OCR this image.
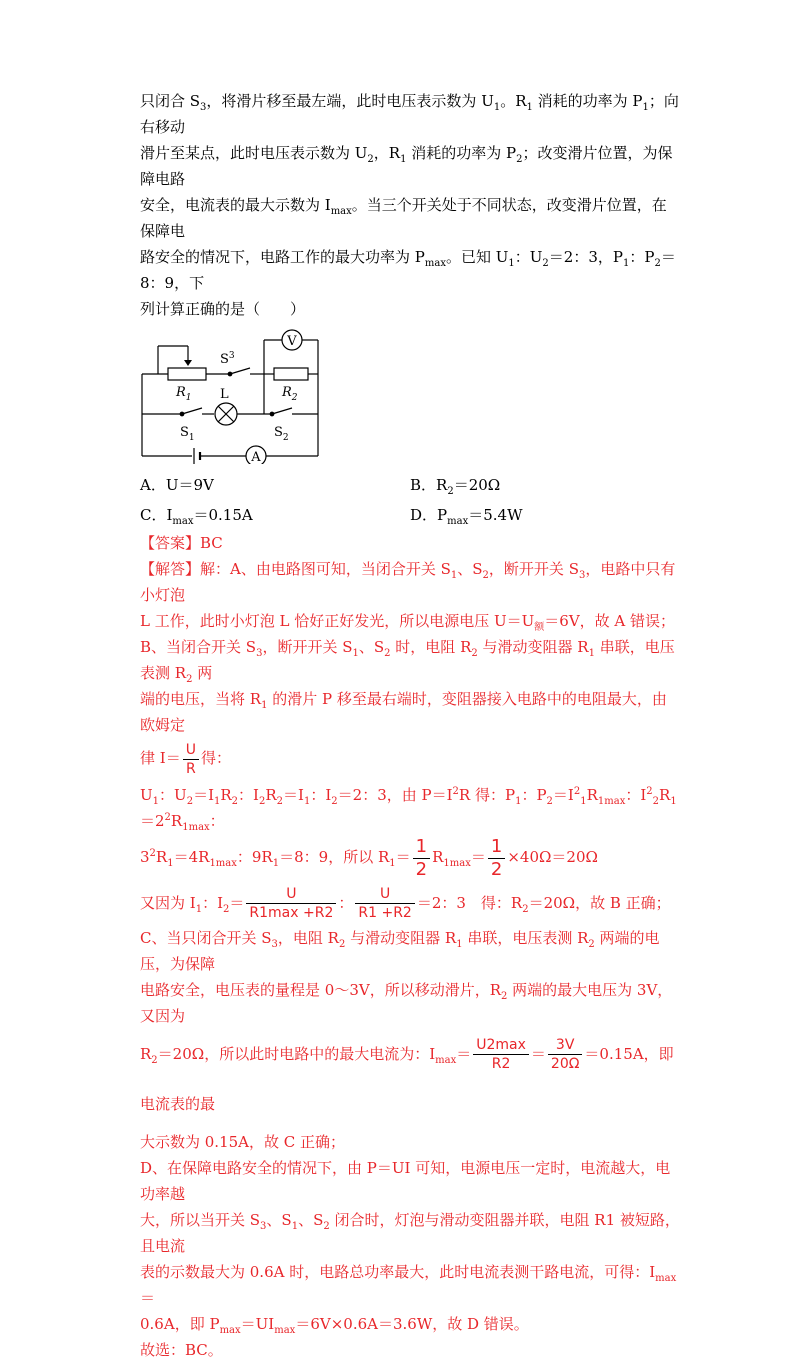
只闭合 $S_3$，将滑片移至最左端，此时电压表示数为 $U_1$。$R_1$ 消耗的功率为 $P_1$；向右移动

滑片至某点，此时电压表示数为 $U_2$，$R_1$ 消耗的功率为 $P_2$；改变滑片位置，为保障电路

安全，电流表的最大示数为 $I_{max}$。当三个开关处于不同状态，改变滑片位置，在保障电

路安全的情况下，电路工作的最大功率为 $P_{max}$。已知 $U_1$：$U_2=2$：3，$P_1$：$P_2=8$：9，下

列计算正确的是（　　）

V
A
$S^3$
$R_1$ L	$R_2$
$S_1$	$S_2$
A．U＝9V	B．$R_2=20\Omega$
C．$I_{max}=0.15A$	D．$P_{max}=5.4W$

【答案】BC

【解答】解：A、由电路图可知，当闭合开关 $S_1$、$S_2$，断开开关 $S_3$，电路中只有小灯泡

L 工作，此时小灯泡 L 恰好正好发光，所以电源电压 $U=U_额=6V$，故 A 错误；

B、当闭合开关 $S_3$，断开开关 $S_1$、$S_2$ 时，电阻 $R_2$ 与滑动变阻器 $R_1$ 串联，电压表测 $R_2$ 两

端的电压，当将 $R_1$ 的滑片 P 移至最右端时，变阻器接入电路中的电阻最大，由欧姆定

律 $I= \frac{U}{R}$ 得：

$U_1$：$U_2=I_1R_2$：$I_2R_2=I_1$：$I_2=2$：3，由 $P=I^2R$ 得：$P_1$：$P_2=I^2_1R_{1max}$：$I^2_2R_1=2^2R_{1max}$：

$3^2R_1=4R_{1max}$：$9R_1=8$：9，所以 $R_1= \frac{1}{2} R_{1max}= \frac{1}{2} \times 40\Omega=20\Omega$

又因为 $I_1$：$I_2= \frac{U}{R1\max +R2}$ ： $\frac{U}{R1 +R2} =2$：3　得：$R_2=20\Omega$，故 B 正确；

C、当只闭合开关 $S_3$，电阻 $R_2$ 与滑动变阻器 $R_1$ 串联，电压表测 $R_2$ 两端的电压，为保障

电路安全，电压表的量程是 0～3V，所以移动滑片，$R_2$ 两端的最大电压为 3V，又因为

$R_2=20\Omega$，所以此时电路中的最大电流为：$I_{max}= \frac{U2\max}{R2} = \frac{3V}{20\Omega} =0.15A$，即电流表的最

大示数为 0.15A，故 C 正确；

D、在保障电路安全的情况下，由 P＝UI 可知，电源电压一定时，电流越大，电功率越

大，所以当开关 $S_3$、$S_1$、$S_2$ 闭合时，灯泡与滑动变阻器并联，电阻 R1 被短路，且电流

表的示数最大为 0.6A 时，电路总功率最大，此时电流表测干路电流，可得：$I_{max}=$

0.6A，即 $P_{max}=UI_{max}=6V\times 0.6A=3.6W$，故 D 错误。

故选：BC。
